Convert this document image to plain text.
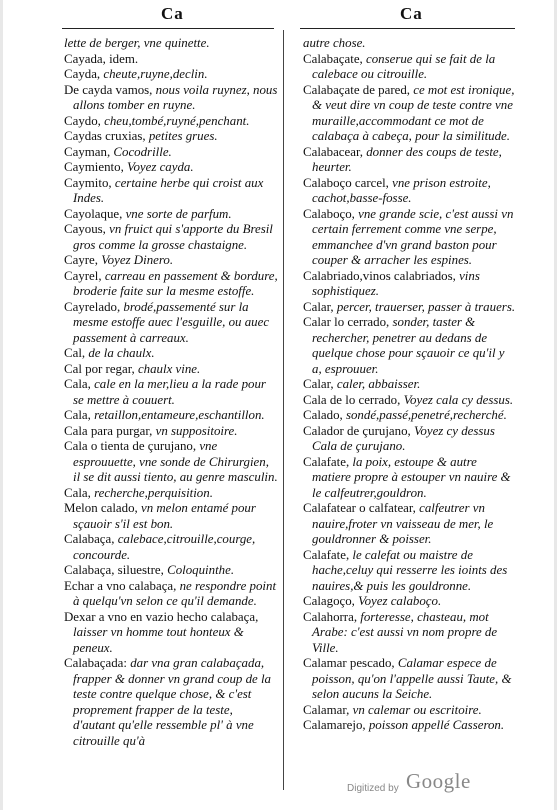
Ca	Ca
lette de berger, vne quinette.
Cayada, idem.
Cayda, cheute,ruyne,declin.
De cayda vamos, nous voila ruynez, nous allons tomber en ruyne.
Caydo, cheu,tombé,ruyné,penchant.
Caydas cruxias, petites grues.
Cayman, Cocodrille.
Caymiento, Voyez cayda.
Caymito, certaine herbe qui croist aux Indes.
Cayolaque, vne sorte de parfum.
Cayous, vn fruict qui s'apporte du Bresil gros comme la grosse chastaigne.
Cayre, Voyez Dinero.
Cayrel, carreau en passement & bordure, broderie faite sur la mesme estoffe.
Cayrelado, brodé,passementé sur la mesme estoffe auec l'esguille, ou auec passement à carreaux.
Cal, de la chaulx.
Cal por regar, chaulx vine.
Cala, cale en la mer,lieu a la rade pour se mettre à couuert.
Cala, retaillon,entameure,eschantillon.
Cala para purgar, vn suppositoire.
Cala o tienta de çurujano, vne esprouuette, vne sonde de Chirurgien, il se dit aussi tiento, au genre masculin.
Cala, recherche,perquisition.
Melon calado, vn melon entamé pour sçauoir s'il est bon.
Calabaça, calebace,citrouille,courge, concourde.
Calabaça, siluestre, Coloquinthe.
Echar a vno calabaça, ne respondre point à quelqu'vn selon ce qu'il demande.
Dexar a vno en vazio hecho calabaça, laisser vn homme tout honteux & peneux.
Calabaçada: dar vna gran calabaçada, frapper & donner vn grand coup de la teste contre quelque chose, & c'est proprement frapper de la teste, d'autant qu'elle ressemble pl' à vne citrouille qu'à
autre chose.
Calabaçate, conserue qui se fait de la calebace ou citrouille.
Calabaçate de pared, ce mot est ironique, & veut dire vn coup de teste contre vne muraille,accommodant ce mot de calabaça à cabeça, pour la similitude.
Calabacear, donner des coups de teste, heurter.
Calaboço carcel, vne prison estroite, cachot,basse-fosse.
Calaboço, vne grande scie, c'est aussi vn certain ferrement comme vne serpe, emmanchee d'vn grand baston pour couper & arracher les espines.
Calabriado,vinos calabriados, vins sophistiquez.
Calar, percer, trauerser, passer à trauers.
Calar lo cerrado, sonder, taster & rechercher, penetrer au dedans de quelque chose pour sçauoir ce qu'il y a, esprouuer.
Calar, caler, abbaisser.
Cala de lo cerrado, Voyez cala cy dessus.
Calado, sondé,passé,penetré,recherché.
Calador de çurujano, Voyez cy dessus Cala de çurujano.
Calafate, la poix, estoupe & autre matiere propre à estouper vn nauire & le calfeutrer,gouldron.
Calafatear o calfatear, calfeutrer vn nauire,froter vn vaisseau de mer, le gouldronner & poisser.
Calafate, le calefat ou maistre de hache,celuy qui resserre les ioints des nauires,& puis les gouldronne.
Calagoço, Voyez calaboço.
Calahorra, forteresse, chasteau, mot Arabe: c'est aussi vn nom propre de Ville.
Calamar pescado, Calamar espece de poisson, qu'on l'appelle aussi Taute, & selon aucuns la Seiche.
Calamar, vn calemar ou escritoire.
Calamarejo, poisson appellé Casseron.
Digitized by Google
